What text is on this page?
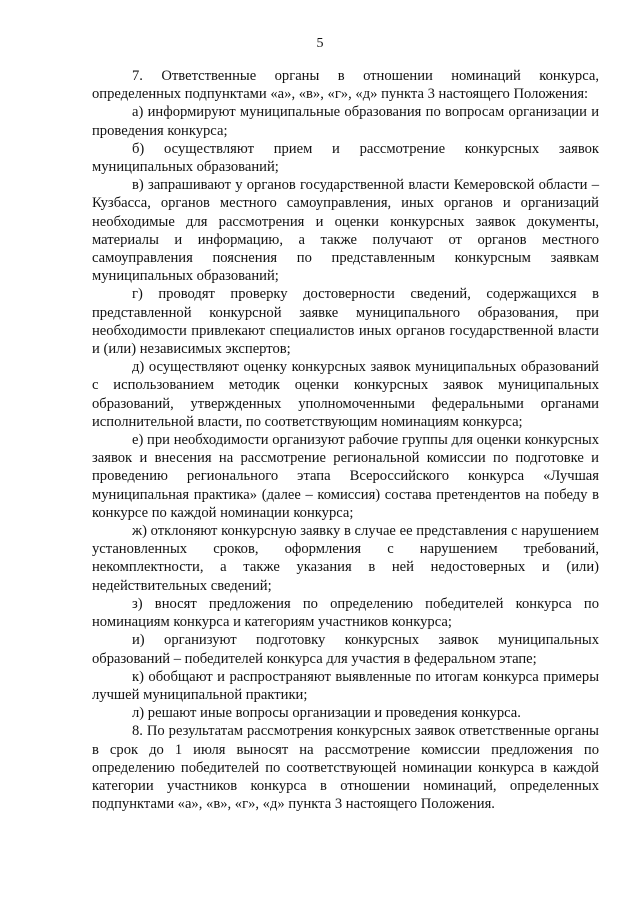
5

7. Ответственные органы в отношении номинаций конкурса, определенных подпунктами «а», «в», «г», «д» пункта 3 настоящего Положения:

а) информируют муниципальные образования по вопросам организации и проведения конкурса;

б) осуществляют прием и рассмотрение конкурсных заявок муниципальных образований;

в) запрашивают у органов государственной власти Кемеровской области – Кузбасса, органов местного самоуправления, иных органов и организаций необходимые для рассмотрения и оценки конкурсных заявок документы, материалы и информацию, а также получают от органов местного самоуправления пояснения по представленным конкурсным заявкам муниципальных образований;

г) проводят проверку достоверности сведений, содержащихся в представленной конкурсной заявке муниципального образования, при необходимости привлекают специалистов иных органов государственной власти и (или) независимых экспертов;

д) осуществляют оценку конкурсных заявок муниципальных образований с использованием методик оценки конкурсных заявок муниципальных образований, утвержденных уполномоченными федеральными органами исполнительной власти, по соответствующим номинациям конкурса;

е) при необходимости организуют рабочие группы для оценки конкурсных заявок и внесения на рассмотрение региональной комиссии по подготовке и проведению регионального этапа Всероссийского конкурса «Лучшая муниципальная практика» (далее – комиссия) состава претендентов на победу в конкурсе по каждой номинации конкурса;

ж) отклоняют конкурсную заявку в случае ее представления с нарушением установленных сроков, оформления с нарушением требований, некомплектности, а также указания в ней недостоверных и (или) недействительных сведений;

з) вносят предложения по определению победителей конкурса по номинациям конкурса и категориям участников конкурса;

и) организуют подготовку конкурсных заявок муниципальных образований – победителей конкурса для участия в федеральном этапе;

к) обобщают и распространяют выявленные по итогам конкурса примеры лучшей муниципальной практики;

л) решают иные вопросы организации и проведения конкурса.

8. По результатам рассмотрения конкурсных заявок ответственные органы в срок до 1 июля выносят на рассмотрение комиссии предложения по определению победителей по соответствующей номинации конкурса в каждой категории участников конкурса в отношении номинаций, определенных подпунктами «а», «в», «г», «д» пункта 3 настоящего Положения.
